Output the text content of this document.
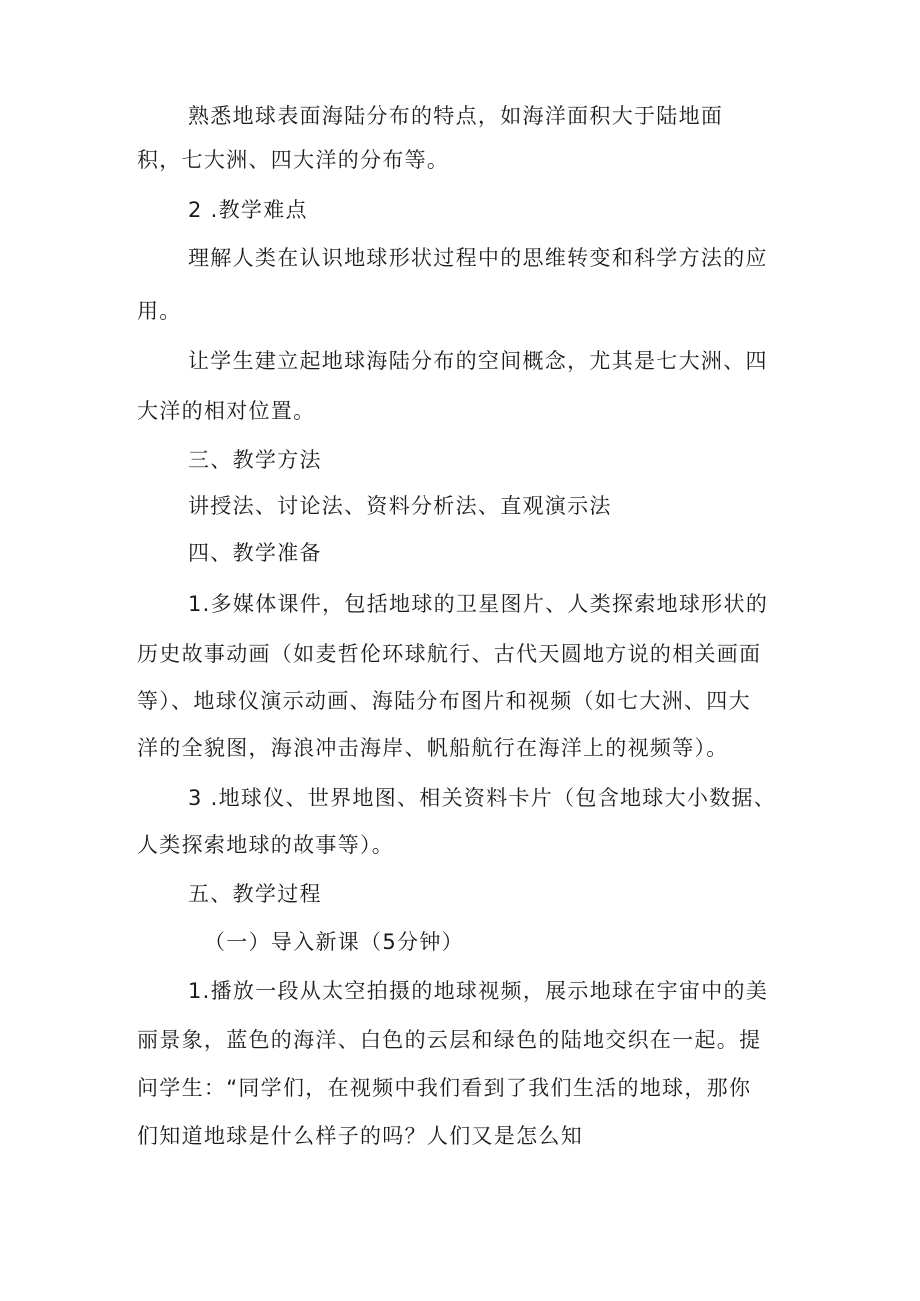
熟悉地球表面海陆分布的特点，如海洋面积大于陆地面
积，七大洲、四大洋的分布等。
2 .教学难点
理解人类在认识地球形状过程中的思维转变和科学方法的应
用。
让学生建立起地球海陆分布的空间概念，尤其是七大洲、四
大洋的相对位置。
三、教学方法
讲授法、讨论法、资料分析法、直观演示法
四、教学准备
1.多媒体课件，包括地球的卫星图片、人类探索地球形状的
历史故事动画（如麦哲伦环球航行、古代天圆地方说的相关画面
等）、地球仪演示动画、海陆分布图片和视频（如七大洲、四大
洋的全貌图，海浪冲击海岸、帆船航行在海洋上的视频等）。
3 .地球仪、世界地图、相关资料卡片（包含地球大小数据、
人类探索地球的故事等）。
五、教学过程
（一）导入新课（5分钟）
1.播放一段从太空拍摄的地球视频，展示地球在宇宙中的美
丽景象，蓝色的海洋、白色的云层和绿色的陆地交织在一起。提
问学生：“同学们，在视频中我们看到了我们生活的地球，那你
们知道地球是什么样子的吗？人们又是怎么知
